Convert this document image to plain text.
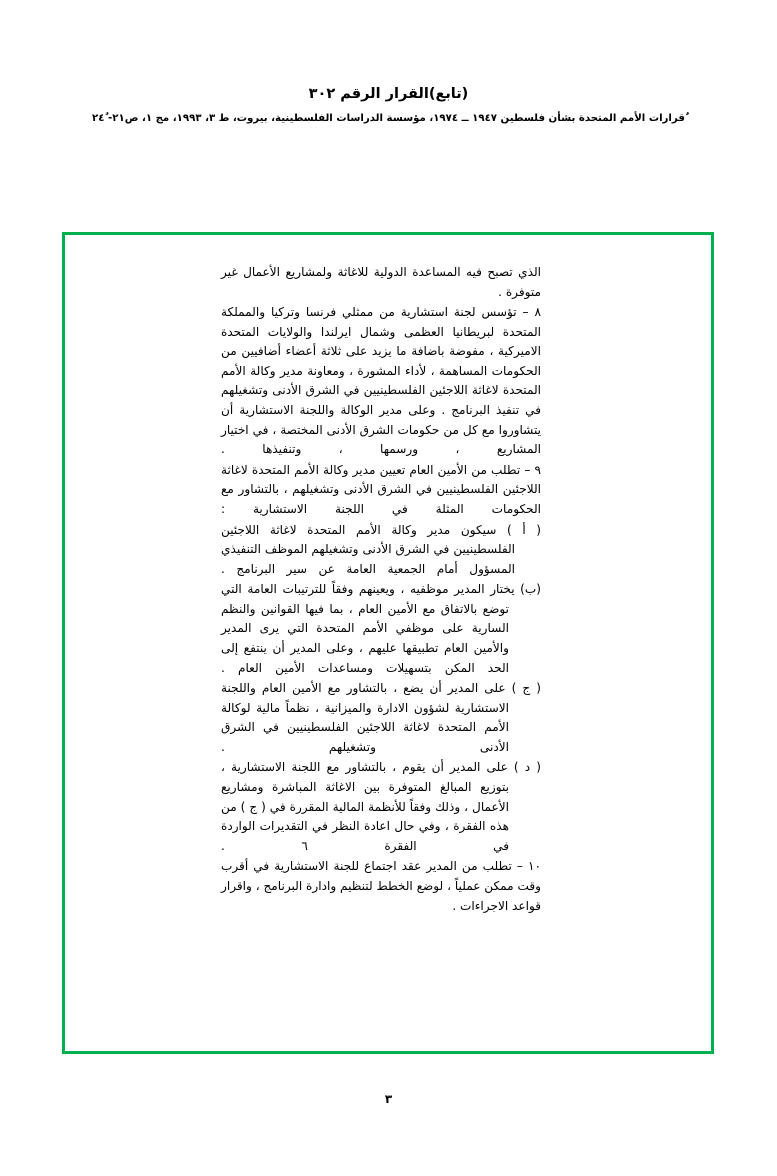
(تابع)القرار الرقم ٣٠٢
ٌقرارات الأمم المتحدة بشأن فلسطين ١٩٤٧ ــ ١٩٧٤، مؤسسة الدراسات الفلسطينية، بيروت، ط ٣، ١٩٩٣، مج ١، ص٢١- ٢٤ٌ

الذي تصبح فيه المساعدة الدولية للاغاثة ولمشاريع الأعمال غير متوفرة .

٨ – تؤسس لجنة استشارية من ممثلي فرنسا وتركيا والمملكة المتحدة لبريطانيا العظمى وشمال ايرلندا والولايات المتحدة الاميركية ، مفوضة باضافة ما يزيد على ثلاثة أعضاء أضافيين من الحكومات المساهمة ، لأداء المشورة ، ومعاونة مدير وكالة الأمم المتحدة لاغاثة اللاجئين الفلسطينيين في الشرق الأدنى وتشغيلهم في تنفيذ البرنامج . وعلى مدير الوكالة واللجنة الاستشارية أن يتشاوروا مع كل من حكومات الشرق الأدنى المختصة ، في اختيار المشاريع ، ورسمها ، وتنفيذها .

٩ – تطلب من الأمين العام تعيين مدير وكالة الأمم المتحدة لاغاثة اللاجئين الفلسطينيين في الشرق الأدنى وتشغيلهم ، بالتشاور مع الحكومات المثلة في اللجنة الاستشارية :

( أ ) سيكون مدير وكالة الأمم المتحدة لاغاثة اللاجئين الفلسطينيين في الشرق الأدنى وتشغيلهم الموظف التنفيذي المسؤول أمام الجمعية العامة عن سير البرنامج .

(ب) يختار المدير موظفيه ، ويعينهم وفقاً للترتيبات العامة التي توضع بالاتفاق مع الأمين العام ، بما فيها القوانين والنظم السارية على موظفي الأمم المتحدة التي يرى المدير والأمين العام تطبيقها عليهم ، وعلى المدير أن ينتفع إلى الحد المكن بتسهيلات ومساعدات الأمين العام .

( ج ) على المدير أن يضع ، بالتشاور مع الأمين العام واللجنة الاستشارية لشؤون الادارة والميزانية ، نظماً مالية لوكالة الأمم المتحدة لاغاثة اللاجئين الفلسطينيين في الشرق الأدنى وتشغيلهم .

( د ) على المدير أن يقوم ، بالتشاور مع اللجنة الاستشارية ، بتوزيع المبالغ المتوفرة بين الاغاثة المباشرة ومشاريع الأعمال ، وذلك وفقاً للأنظمة المالية المقررة في ( ج ) من هذه الفقرة ، وفي حال اعادة النظر في التقديرات الواردة في الفقرة ٦ .

١٠ – تطلب من المدير عقد اجتماع للجنة الاستشارية في أقرب وقت ممكن عملياً ، لوضع الخطط لتنظيم وادارة البرنامج ، واقرار قواعد الاجراءات .

٣
